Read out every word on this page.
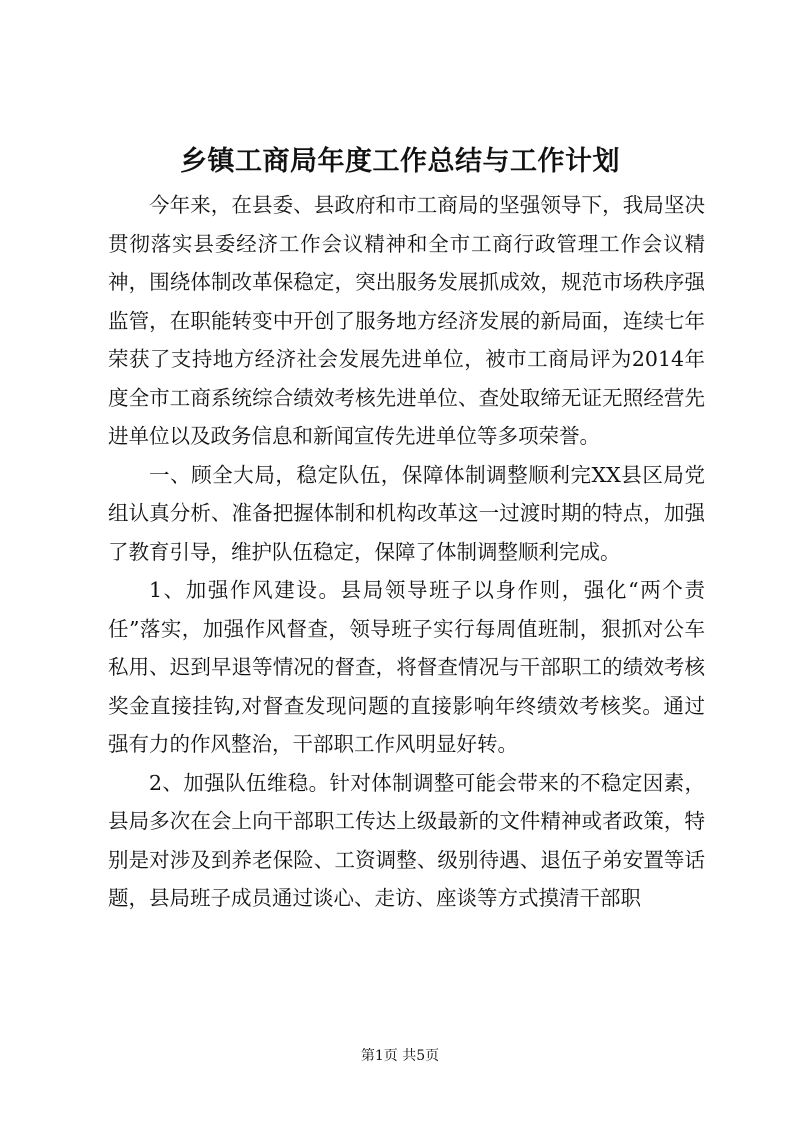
乡镇工商局年度工作总结与工作计划

今年来，在县委、县政府和市工商局的坚强领导下，我局坚决贯彻落实县委经济工作会议精神和全市工商行政管理工作会议精神，围绕体制改革保稳定，突出服务发展抓成效，规范市场秩序强监管，在职能转变中开创了服务地方经济发展的新局面，连续七年荣获了支持地方经济社会发展先进单位，被市工商局评为2014年度全市工商系统综合绩效考核先进单位、查处取缔无证无照经营先进单位以及政务信息和新闻宣传先进单位等多项荣誉。

一、顾全大局，稳定队伍，保障体制调整顺利完XX县区局党组认真分析、准备把握体制和机构改革这一过渡时期的特点，加强了教育引导，维护队伍稳定，保障了体制调整顺利完成。

1、加强作风建设。县局领导班子以身作则，强化“两个责任”落实，加强作风督查，领导班子实行每周值班制，狠抓对公车私用、迟到早退等情况的督查，将督查情况与干部职工的绩效考核奖金直接挂钩,对督查发现问题的直接影响年终绩效考核奖。通过强有力的作风整治，干部职工作风明显好转。

2、加强队伍维稳。针对体制调整可能会带来的不稳定因素，县局多次在会上向干部职工传达上级最新的文件精神或者政策，特别是对涉及到养老保险、工资调整、级别待遇、退伍子弟安置等话题，县局班子成员通过谈心、走访、座谈等方式摸清干部职

第1页 共5页
